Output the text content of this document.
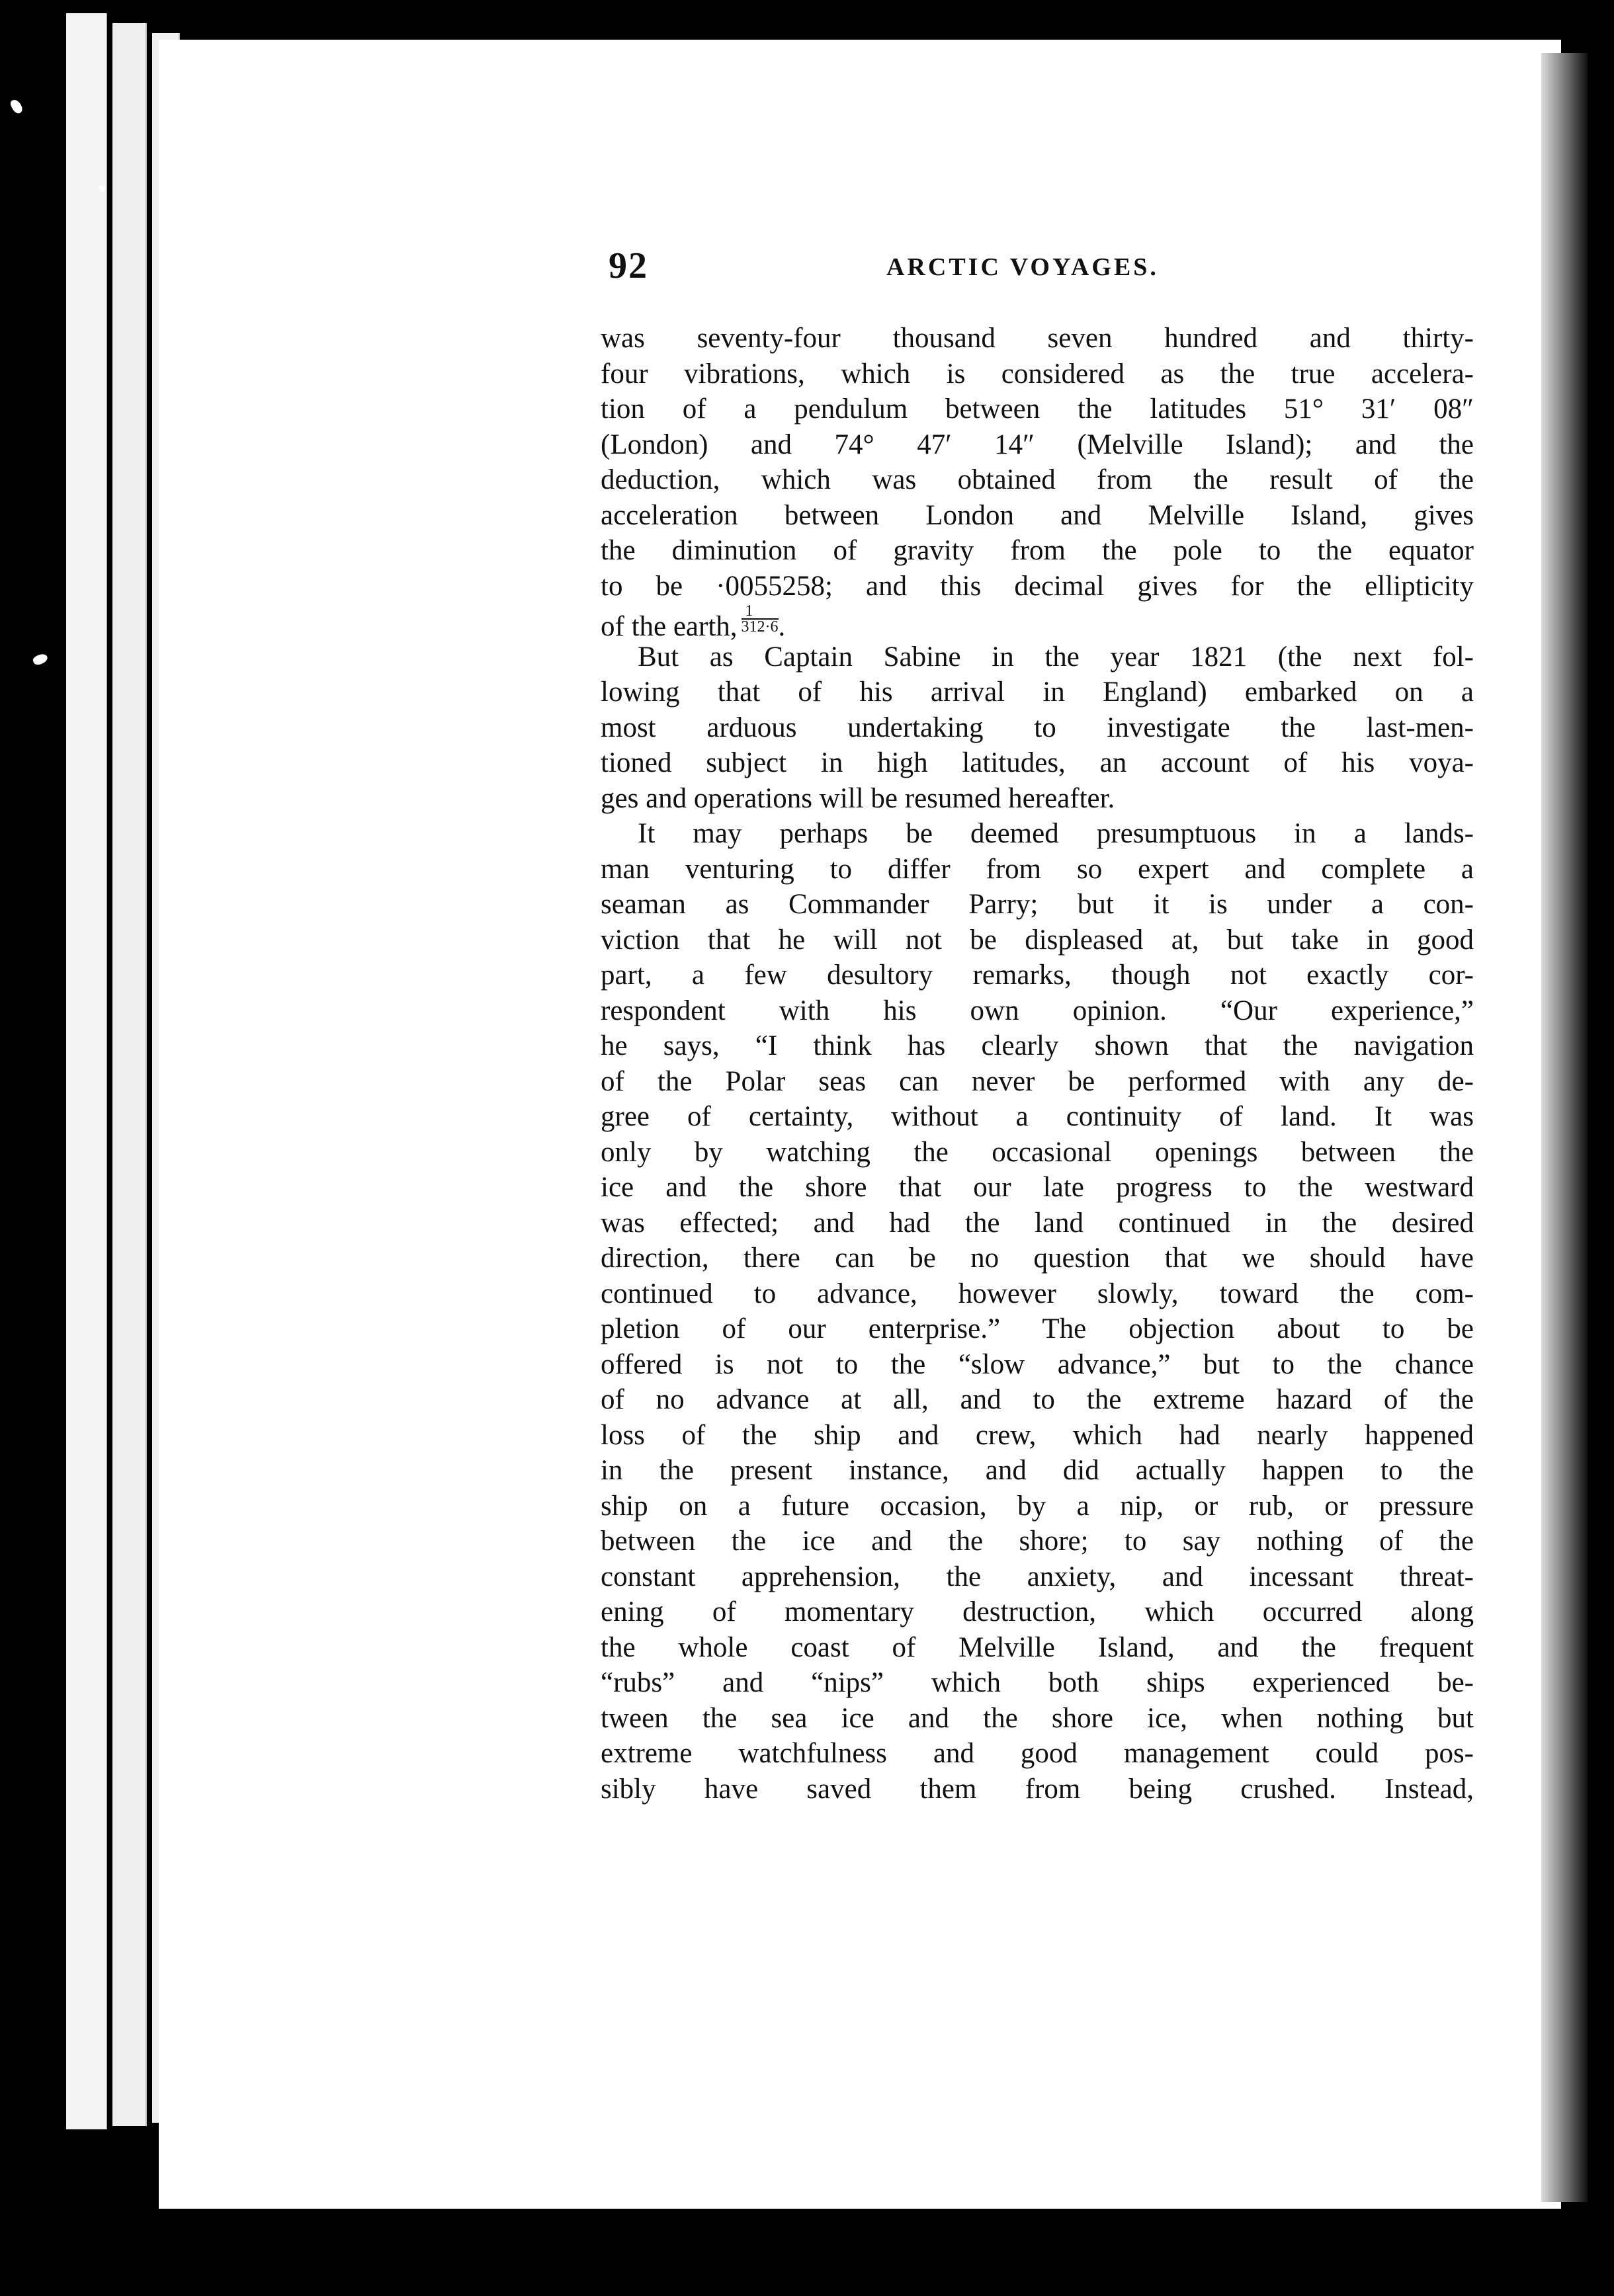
92	ARCTIC VOYAGES.
was seventy-four thousand seven hundred and thirty-
four vibrations, which is considered as the true accelera-
tion of a pendulum between the latitudes 51° 31′ 08″
(London) and 74° 47′ 14″ (Melville Island); and the
deduction, which was obtained from the result of the
acceleration between London and Melville Island, gives
the diminution of gravity from the pole to the equator
to be ·0055258; and this decimal gives for the ellipticity
of the earth, $\frac{1}{312\cdot 6}$ .
But as Captain Sabine in the year 1821 (the next fol-
lowing that of his arrival in England) embarked on a
most arduous undertaking to investigate the last-men-
tioned subject in high latitudes, an account of his voya-
ges and operations will be resumed hereafter.
It may perhaps be deemed presumptuous in a lands-
man venturing to differ from so expert and complete a
seaman as Commander Parry; but it is under a con-
viction that he will not be displeased at, but take in good
part, a few desultory remarks, though not exactly cor-
respondent with his own opinion. “Our experience,”
he says, “I think has clearly shown that the navigation
of the Polar seas can never be performed with any de-
gree of certainty, without a continuity of land. It was
only by watching the occasional openings between the
ice and the shore that our late progress to the westward
was effected; and had the land continued in the desired
direction, there can be no question that we should have
continued to advance, however slowly, toward the com-
pletion of our enterprise.” The objection about to be
offered is not to the “slow advance,” but to the chance
of no advance at all, and to the extreme hazard of the
loss of the ship and crew, which had nearly happened
in the present instance, and did actually happen to the
ship on a future occasion, by a nip, or rub, or pressure
between the ice and the shore; to say nothing of the
constant apprehension, the anxiety, and incessant threat-
ening of momentary destruction, which occurred along
the whole coast of Melville Island, and the frequent
“rubs” and “nips” which both ships experienced be-
tween the sea ice and the shore ice, when nothing but
extreme watchfulness and good management could pos-
sibly have saved them from being crushed. Instead,
